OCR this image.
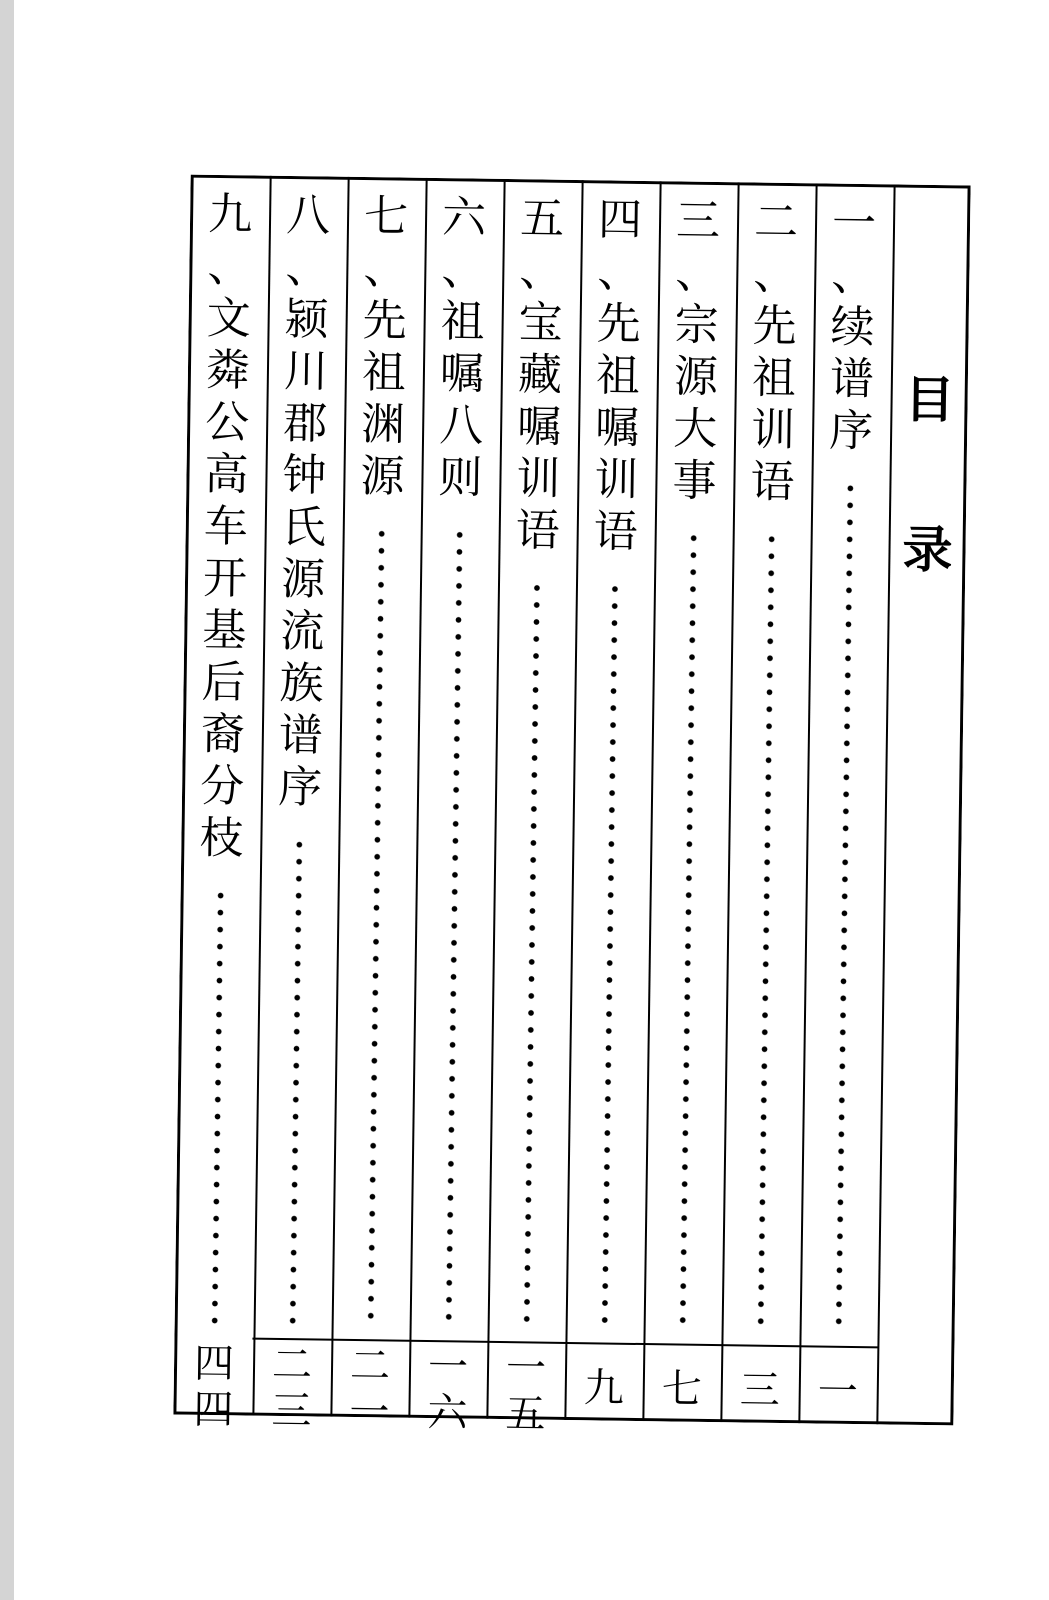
目
录
一
、
续
谱
序
一
二
、
先
祖
训
语
三
三
、
宗
源
大
事
七
四
、
先
祖
嘱
训
语
九
五
、
宝
藏
嘱
训
语
一
五
六
、
祖
嘱
八
则
一
六
七
、
先
祖
渊
源
二
一
八
、
颍
川
郡
钟
氏
源
流
族
谱
序
二
三
九
、
文
粦
公
高
车
开
基
后
裔
分
枝
四
四
